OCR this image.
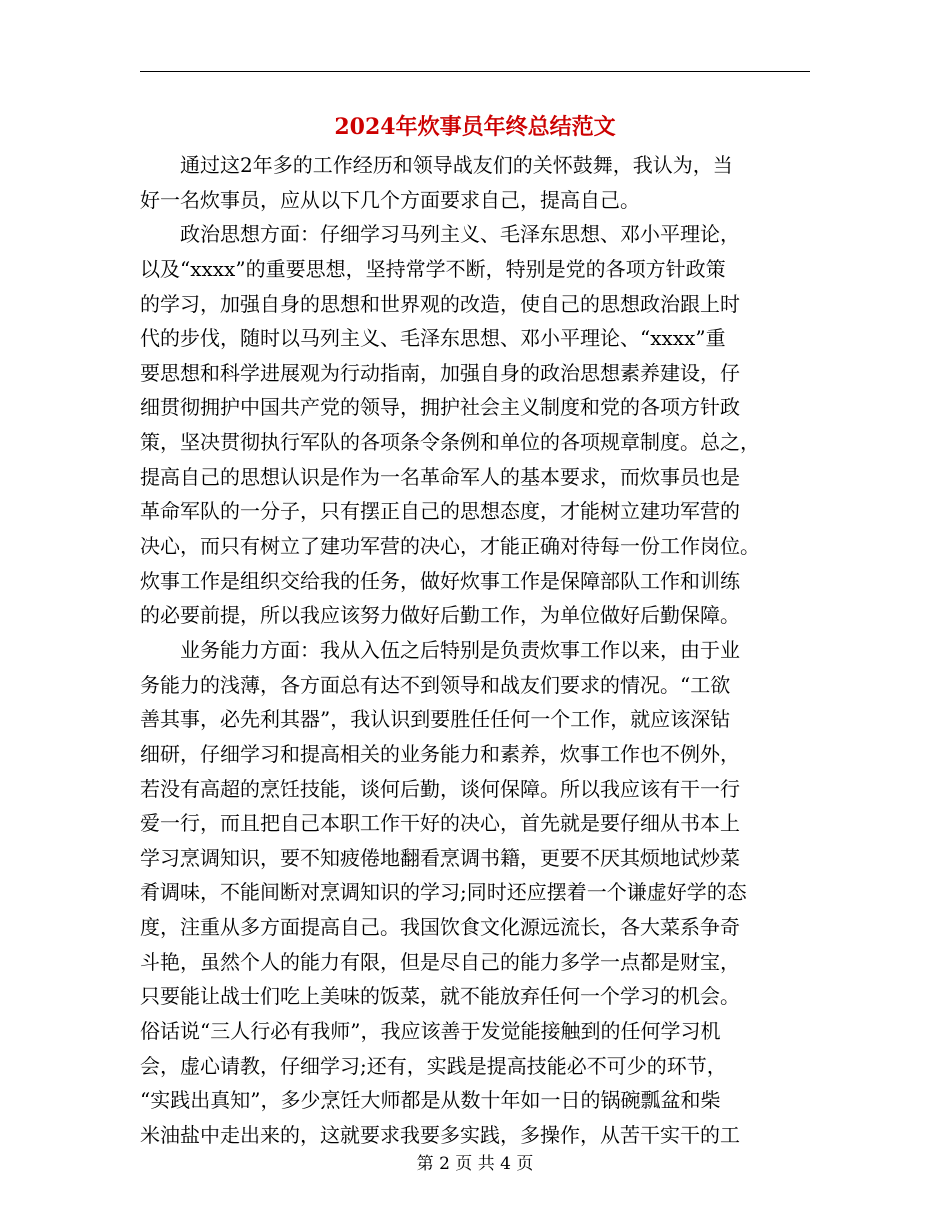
2024年炊事员年终总结范文
　　通过这2年多的工作经历和领导战友们的关怀鼓舞，我认为，当
好一名炊事员，应从以下几个方面要求自己，提高自己。
　　政治思想方面：仔细学习马列主义、毛泽东思想、邓小平理论，
以及“xxxx”的重要思想，坚持常学不断，特别是党的各项方针政策
的学习，加强自身的思想和世界观的改造，使自己的思想政治跟上时
代的步伐，随时以马列主义、毛泽东思想、邓小平理论、“xxxx”重
要思想和科学进展观为行动指南，加强自身的政治思想素养建设，仔
细贯彻拥护中国共产党的领导，拥护社会主义制度和党的各项方针政
策，坚决贯彻执行军队的各项条令条例和单位的各项规章制度。总之，
提高自己的思想认识是作为一名革命军人的基本要求，而炊事员也是
革命军队的一分子，只有摆正自己的思想态度，才能树立建功军营的
决心，而只有树立了建功军营的决心，才能正确对待每一份工作岗位。
炊事工作是组织交给我的任务，做好炊事工作是保障部队工作和训练
的必要前提，所以我应该努力做好后勤工作，为单位做好后勤保障。
　　业务能力方面：我从入伍之后特别是负责炊事工作以来，由于业
务能力的浅薄，各方面总有达不到领导和战友们要求的情况。“工欲
善其事，必先利其器”，我认识到要胜任任何一个工作，就应该深钻
细研，仔细学习和提高相关的业务能力和素养，炊事工作也不例外，
若没有高超的烹饪技能，谈何后勤，谈何保障。所以我应该有干一行
爱一行，而且把自己本职工作干好的决心，首先就是要仔细从书本上
学习烹调知识，要不知疲倦地翻看烹调书籍，更要不厌其烦地试炒菜
肴调味，不能间断对烹调知识的学习;同时还应摆着一个谦虚好学的态
度，注重从多方面提高自己。我国饮食文化源远流长，各大菜系争奇
斗艳，虽然个人的能力有限，但是尽自己的能力多学一点都是财宝，
只要能让战士们吃上美味的饭菜，就不能放弃任何一个学习的机会。
俗话说“三人行必有我师”，我应该善于发觉能接触到的任何学习机
会，虚心请教，仔细学习;还有，实践是提高技能必不可少的环节，
“实践出真知”，多少烹饪大师都是从数十年如一日的锅碗瓢盆和柴
米油盐中走出来的，这就要求我要多实践，多操作，从苦干实干的工
第 2 页 共 4 页
